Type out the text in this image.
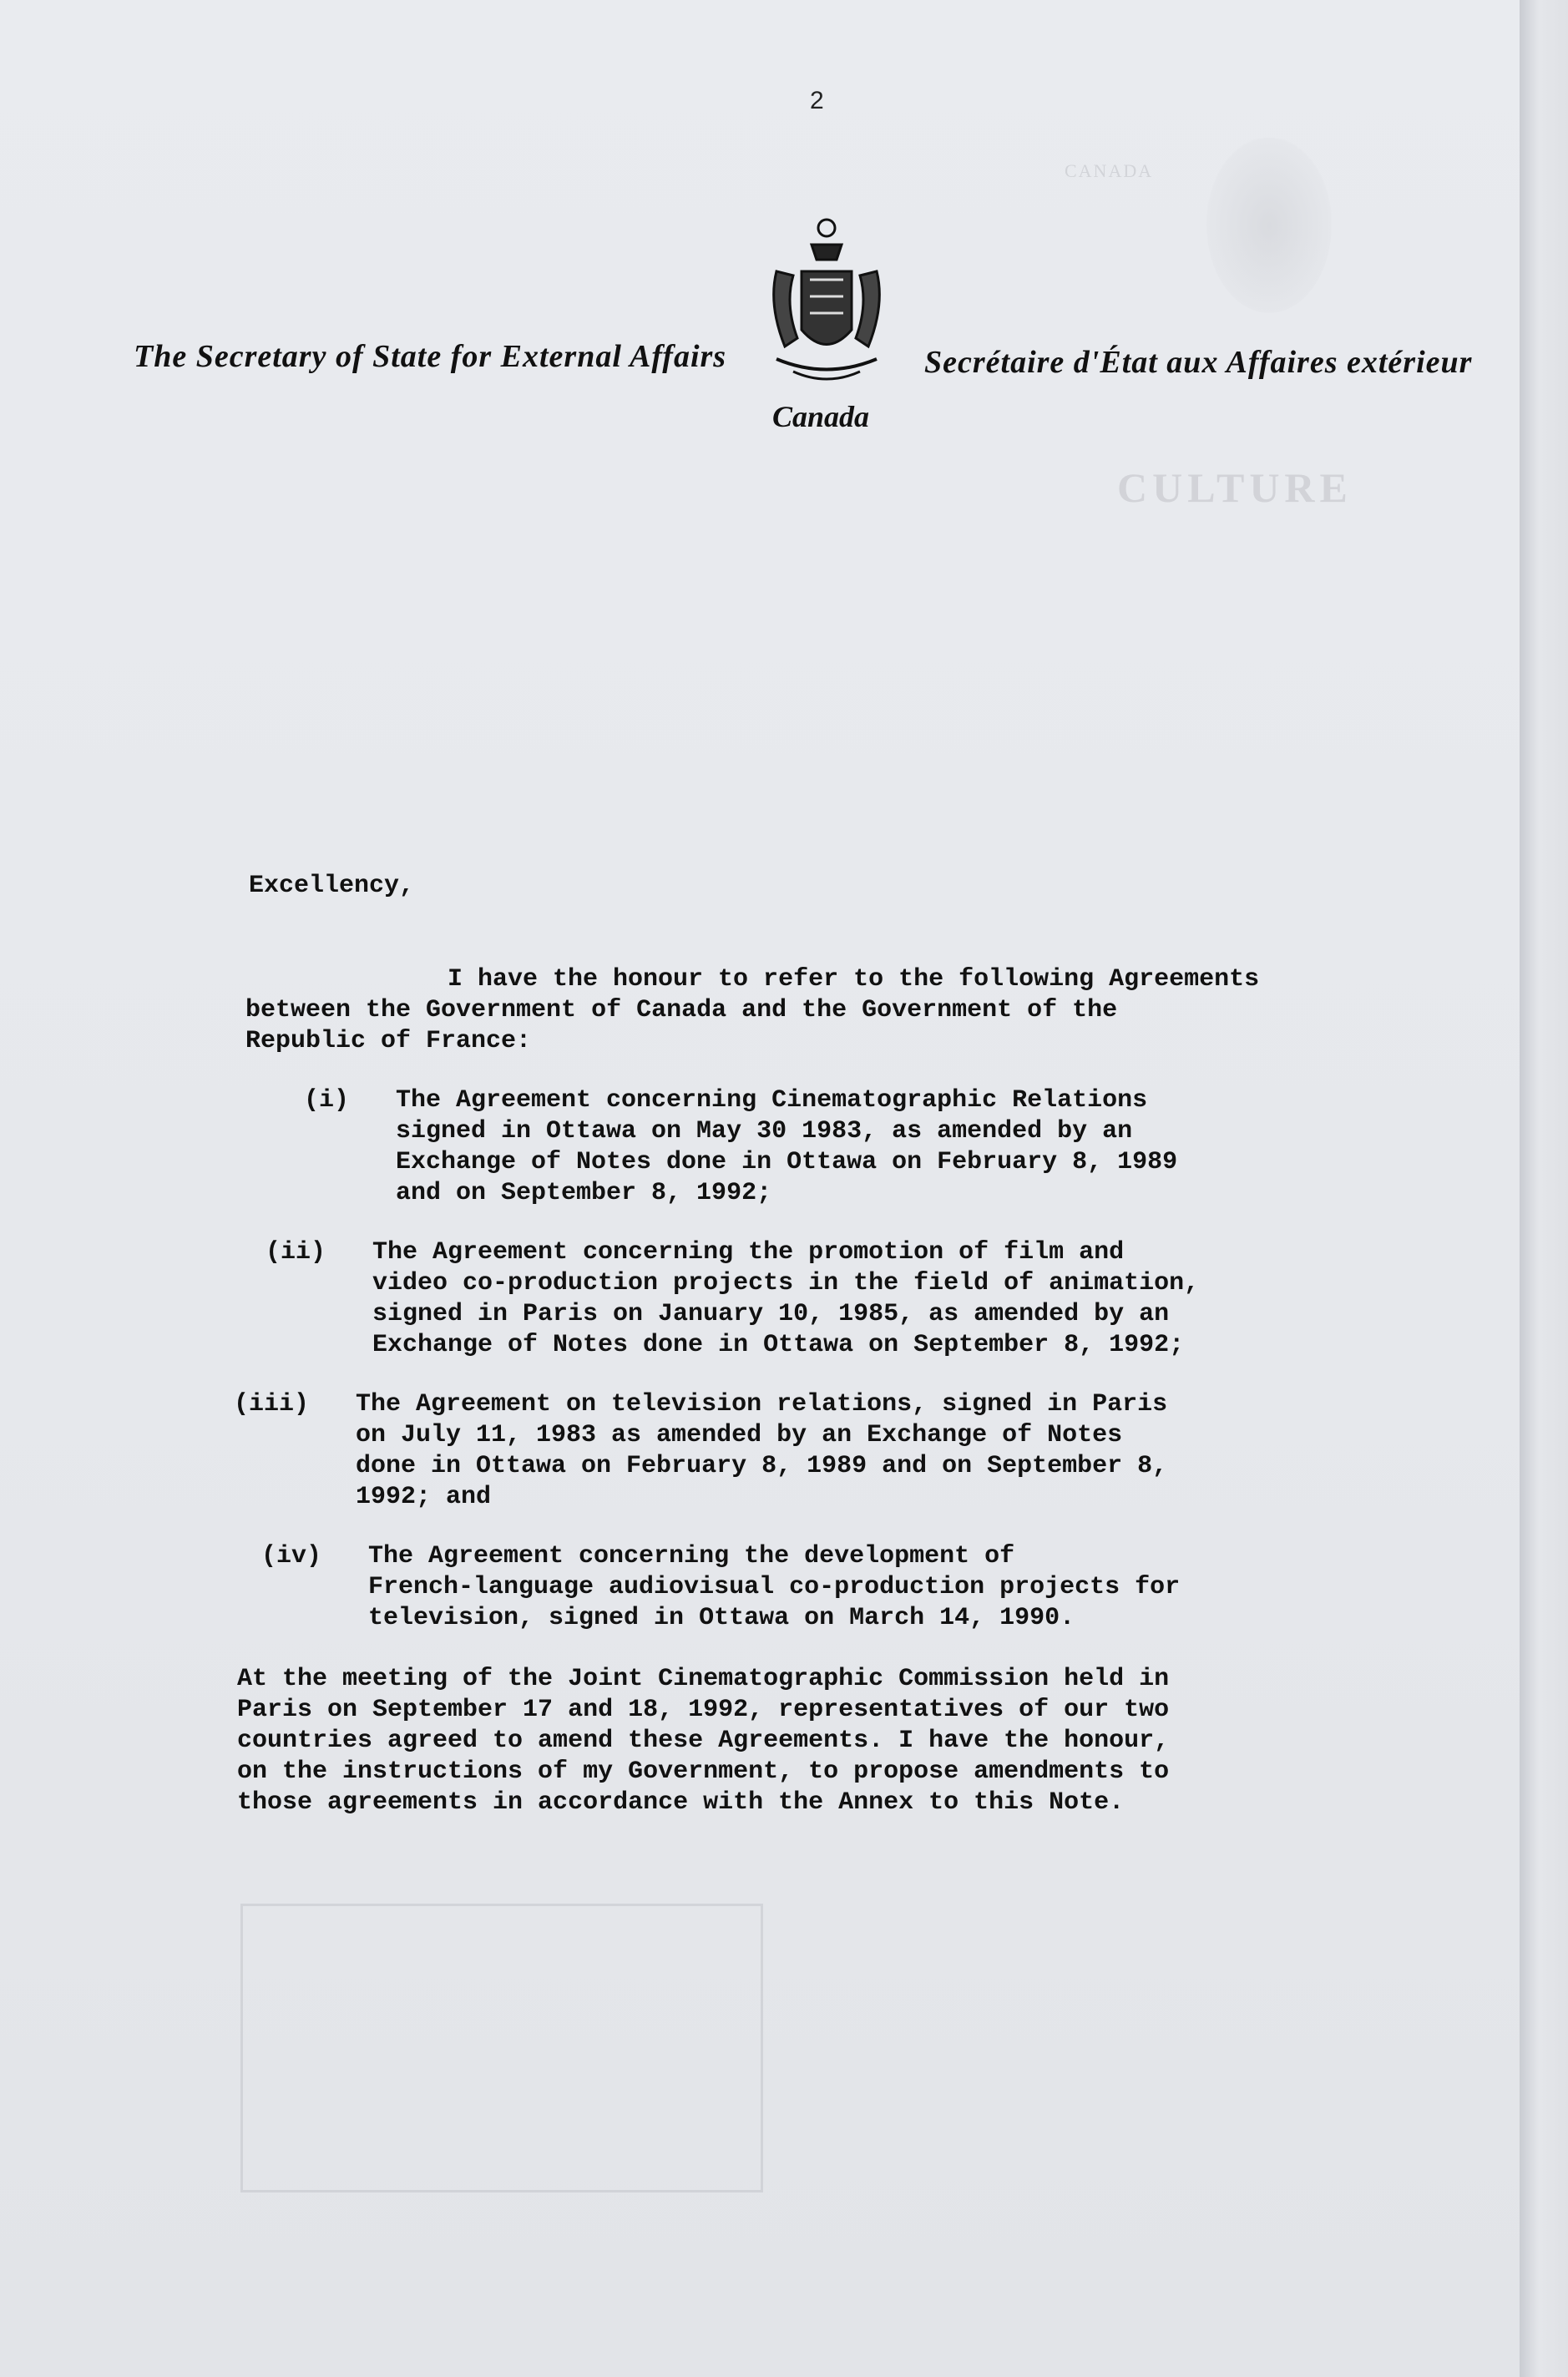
CANADA
CULTURE
2
The Secretary of State for External Affairs
Canada
Secrétaire d'État aux Affaires extérieur
Excellency,
I have the honour to refer to the following Agreements
between the Government of Canada and the Government of the
Republic of France:
(i)	The Agreement concerning Cinematographic Relations
signed in Ottawa on May 30 1983, as amended by an
Exchange of Notes done in Ottawa on February 8, 1989
and on September 8, 1992;
(ii)	The Agreement concerning the promotion of film and
video co-production projects in the field of animation,
signed in Paris on January 10, 1985, as amended by an
Exchange of Notes done in Ottawa on September 8, 1992;
(iii)	The Agreement on television relations, signed in Paris
on July 11, 1983 as amended by an Exchange of Notes
done in Ottawa on February 8, 1989 and on September 8,
1992; and
(iv)	The Agreement concerning the development of
French-language audiovisual co-production projects for
television, signed in Ottawa on March 14, 1990.
At the meeting of the Joint Cinematographic Commission held in
Paris on September 17 and 18, 1992, representatives of our two
countries agreed to amend these Agreements. I have the honour,
on the instructions of my Government, to propose amendments to
those agreements in accordance with the Annex to this Note.
